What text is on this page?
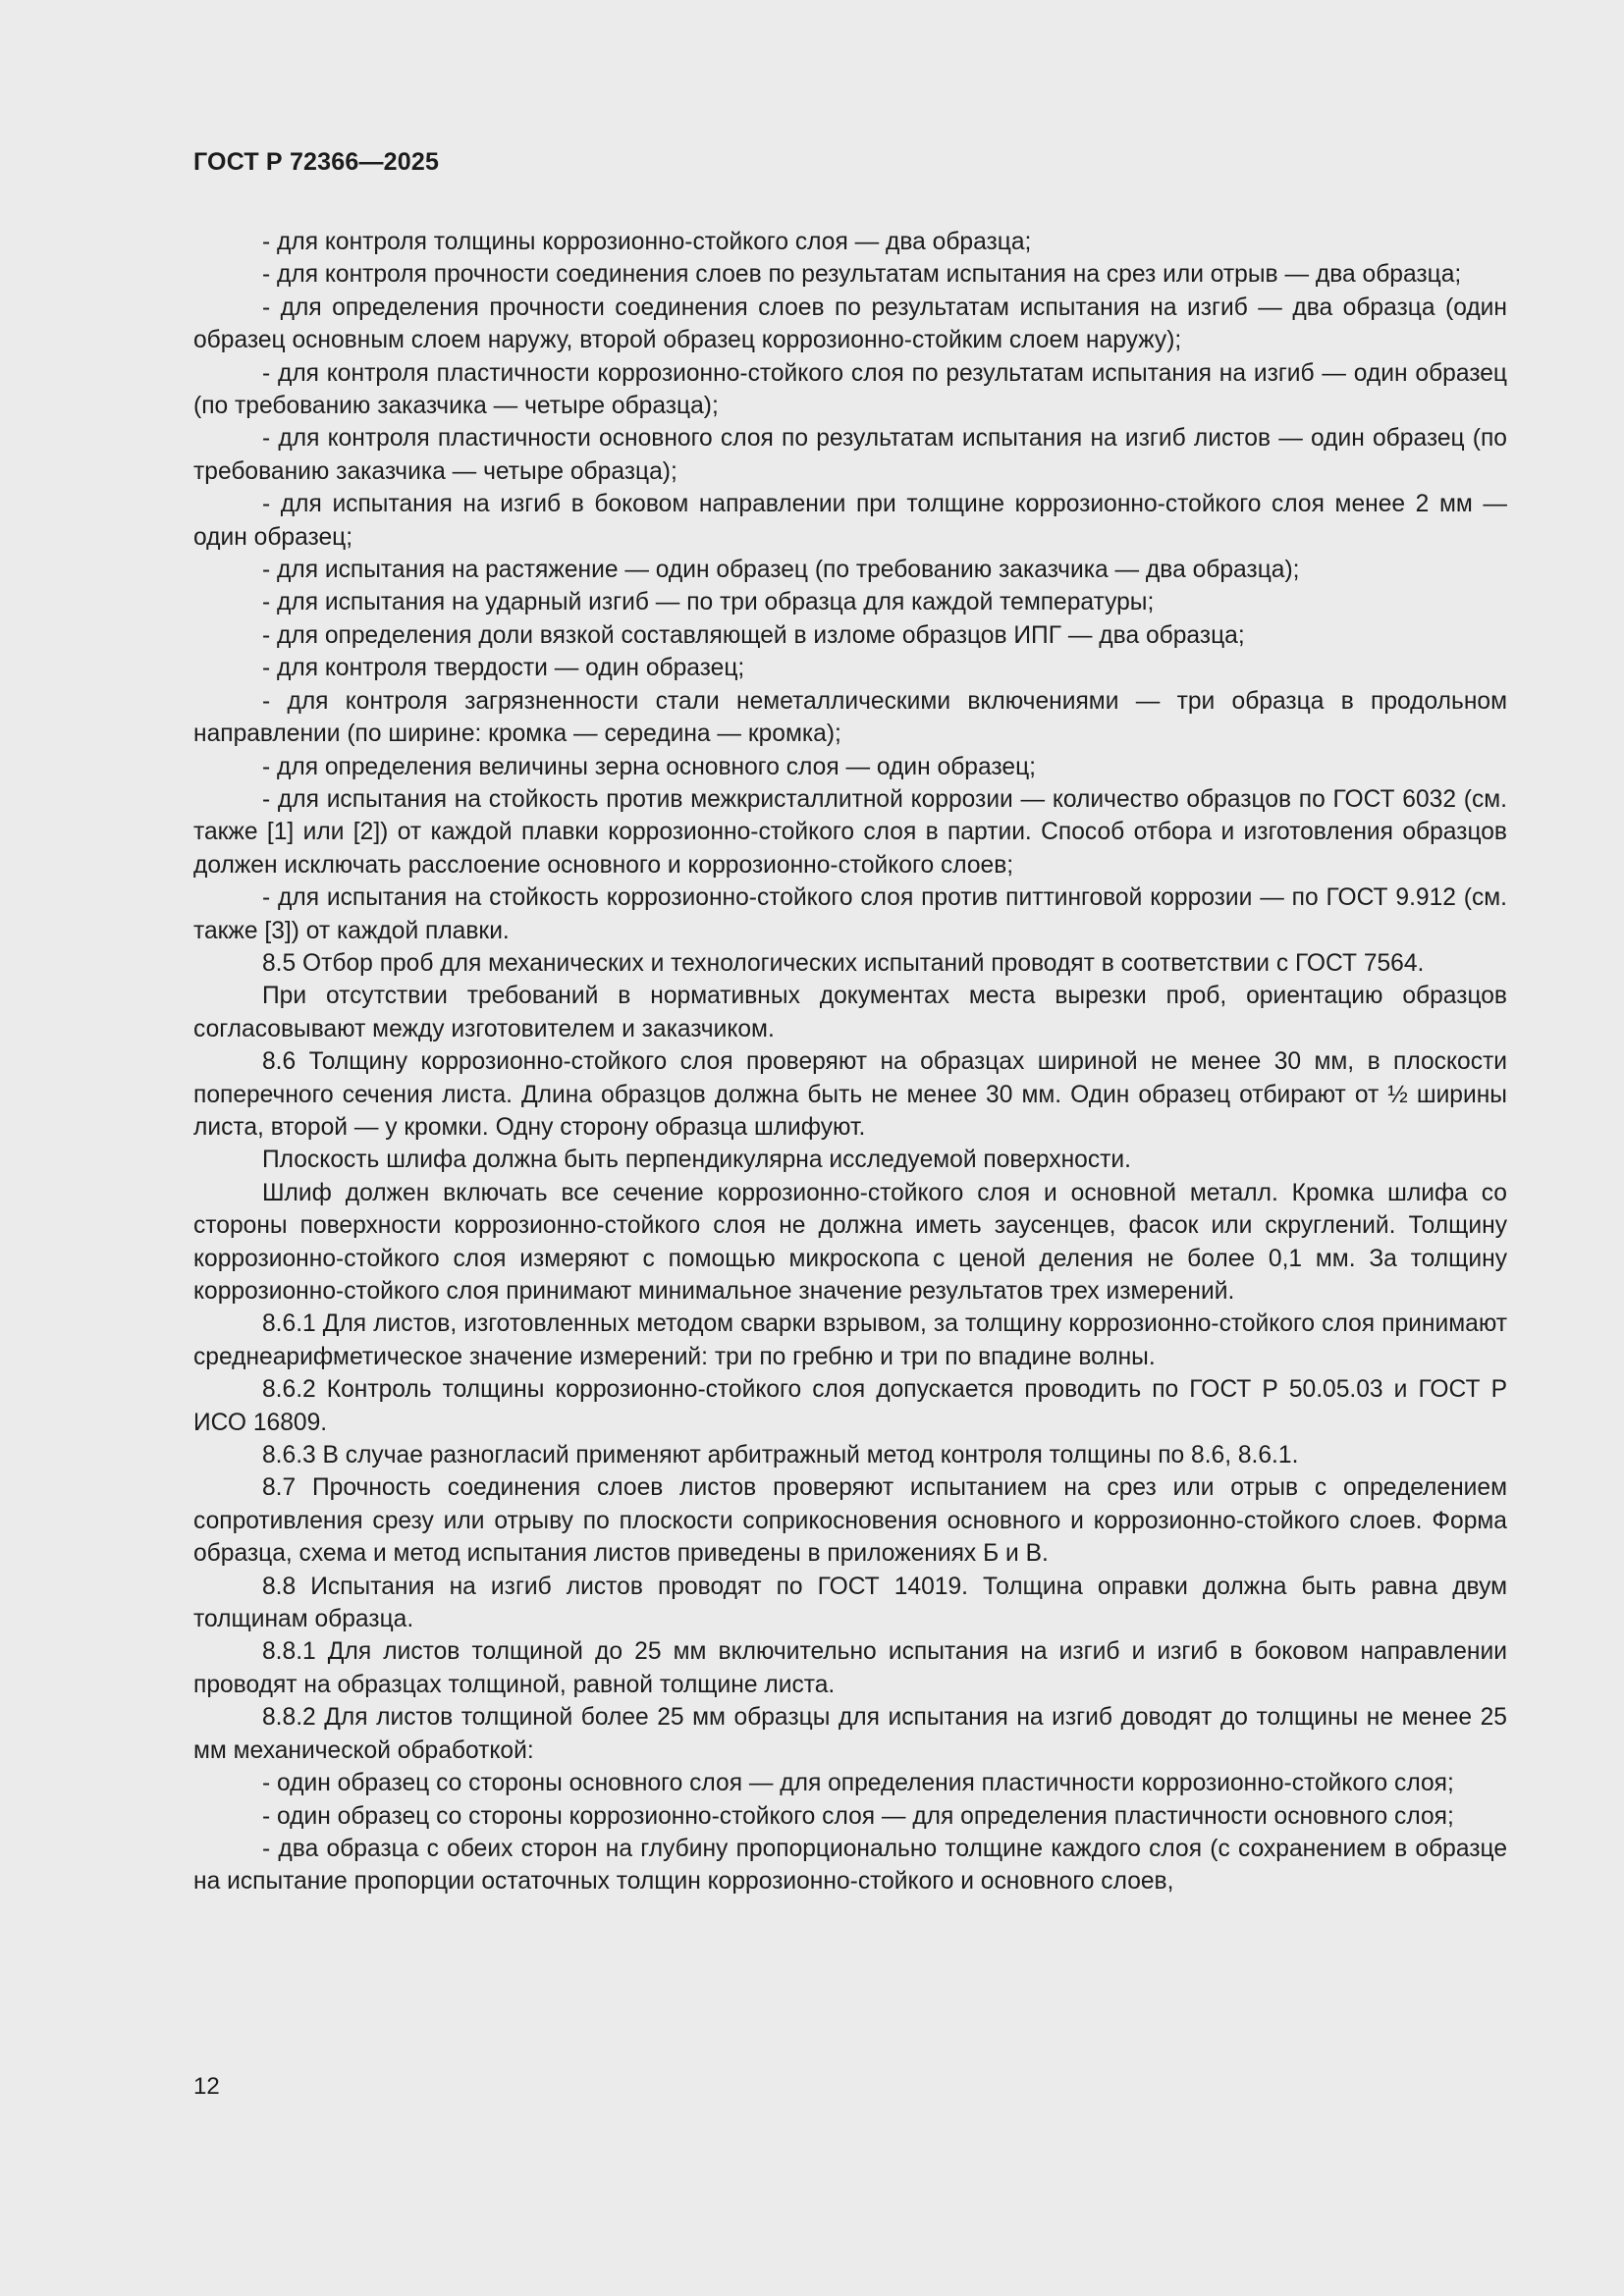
ГОСТ Р 72366—2025

- для контроля толщины коррозионно-стойкого слоя — два образца;

- для контроля прочности соединения слоев по результатам испытания на срез или отрыв — два образца;

- для определения прочности соединения слоев по результатам испытания на изгиб — два образца (один образец основным слоем наружу, второй образец коррозионно-стойким слоем наружу);

- для контроля пластичности коррозионно-стойкого слоя по результатам испытания на изгиб — один образец (по требованию заказчика — четыре образца);

- для контроля пластичности основного слоя по результатам испытания на изгиб листов — один образец (по требованию заказчика — четыре образца);

- для испытания на изгиб в боковом направлении при толщине коррозионно-стойкого слоя менее 2 мм — один образец;

- для испытания на растяжение — один образец (по требованию заказчика — два образца);

- для испытания на ударный изгиб — по три образца для каждой температуры;

- для определения доли вязкой составляющей в изломе образцов ИПГ — два образца;

- для контроля твердости — один образец;

- для контроля загрязненности стали неметаллическими включениями — три образца в продольном направлении (по ширине: кромка — середина — кромка);

- для определения величины зерна основного слоя — один образец;

- для испытания на стойкость против межкристаллитной коррозии — количество образцов по ГОСТ 6032 (см. также [1] или [2]) от каждой плавки коррозионно-стойкого слоя в партии. Способ отбора и изготовления образцов должен исключать расслоение основного и коррозионно-стойкого слоев;

- для испытания на стойкость коррозионно-стойкого слоя против питтинговой коррозии — по ГОСТ 9.912 (см. также [3]) от каждой плавки.

8.5 Отбор проб для механических и технологических испытаний проводят в соответствии с ГОСТ 7564.

При отсутствии требований в нормативных документах места вырезки проб, ориентацию образцов согласовывают между изготовителем и заказчиком.

8.6 Толщину коррозионно-стойкого слоя проверяют на образцах шириной не менее 30 мм, в плоскости поперечного сечения листа. Длина образцов должна быть не менее 30 мм. Один образец отбирают от ½ ширины листа, второй — у кромки. Одну сторону образца шлифуют.

Плоскость шлифа должна быть перпендикулярна исследуемой поверхности.

Шлиф должен включать все сечение коррозионно-стойкого слоя и основной металл. Кромка шлифа со стороны поверхности коррозионно-стойкого слоя не должна иметь заусенцев, фасок или скруглений. Толщину коррозионно-стойкого слоя измеряют с помощью микроскопа с ценой деления не более 0,1 мм. За толщину коррозионно-стойкого слоя принимают минимальное значение результатов трех измерений.

8.6.1 Для листов, изготовленных методом сварки взрывом, за толщину коррозионно-стойкого слоя принимают среднеарифметическое значение измерений: три по гребню и три по впадине волны.

8.6.2 Контроль толщины коррозионно-стойкого слоя допускается проводить по ГОСТ Р 50.05.03 и ГОСТ Р ИСО 16809.

8.6.3 В случае разногласий применяют арбитражный метод контроля толщины по 8.6, 8.6.1.

8.7 Прочность соединения слоев листов проверяют испытанием на срез или отрыв с определением сопротивления срезу или отрыву по плоскости соприкосновения основного и коррозионно-стойкого слоев. Форма образца, схема и метод испытания листов приведены в приложениях Б и В.

8.8 Испытания на изгиб листов проводят по ГОСТ 14019. Толщина оправки должна быть равна двум толщинам образца.

8.8.1 Для листов толщиной до 25 мм включительно испытания на изгиб и изгиб в боковом направлении проводят на образцах толщиной, равной толщине листа.

8.8.2 Для листов толщиной более 25 мм образцы для испытания на изгиб доводят до толщины не менее 25 мм механической обработкой:

- один образец со стороны основного слоя — для определения пластичности коррозионно-стойкого слоя;

- один образец со стороны коррозионно-стойкого слоя — для определения пластичности основного слоя;

- два образца с обеих сторон на глубину пропорционально толщине каждого слоя (с сохранением в образце на испытание пропорции остаточных толщин коррозионно-стойкого и основного слоев,

12
